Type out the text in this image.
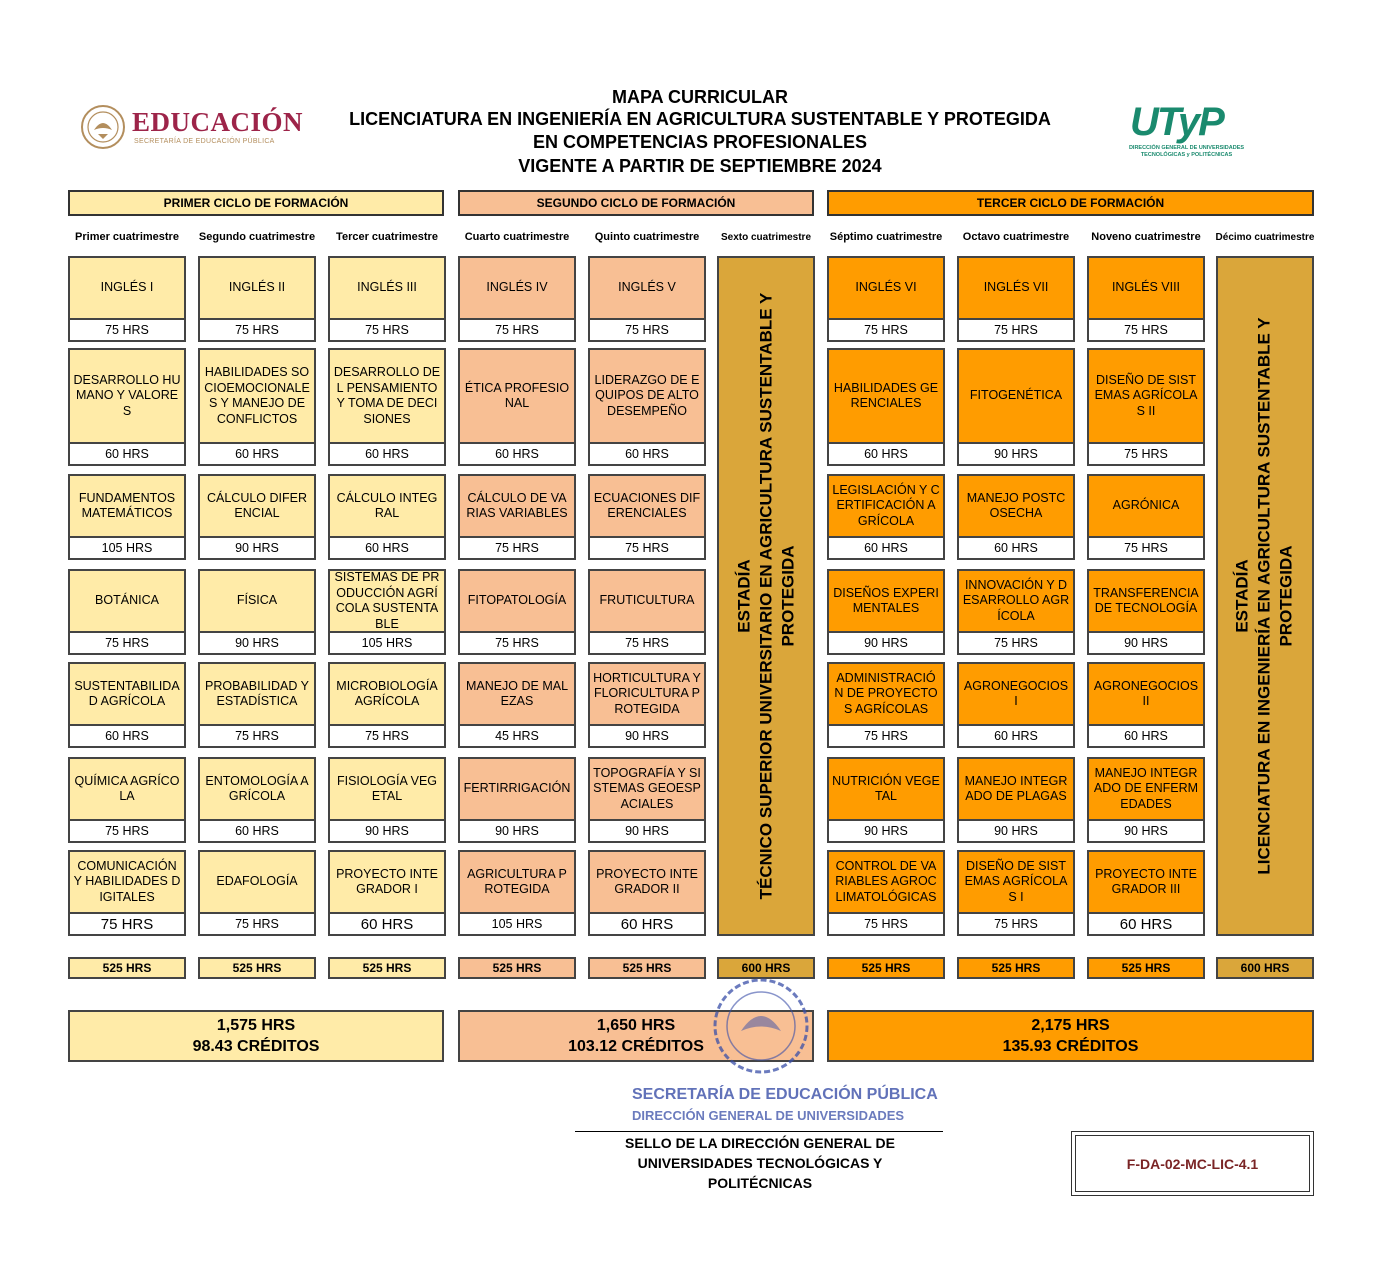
EDUCACIÓN
SECRETARÍA DE EDUCACIÓN PÚBLICA	UTyP
DIRECCIÓN GENERAL DE UNIVERSIDADES
TECNOLÓGICAS y POLITÉCNICAS
MAPA CURRICULAR
LICENCIATURA EN INGENIERÍA EN AGRICULTURA SUSTENTABLE Y PROTEGIDA
EN COMPETENCIAS PROFESIONALES
VIGENTE A PARTIR DE SEPTIEMBRE 2024
PRIMER CICLO DE FORMACIÓN	SEGUNDO CICLO DE FORMACIÓN	TERCER CICLO DE FORMACIÓN
Primer cuatrimestre
INGLÉS I
75 HRS
DESARROLLO HUMANO Y VALORES
60 HRS
FUNDAMENTOS MATEMÁTICOS
105 HRS
BOTÁNICA
75 HRS
SUSTENTABILIDAD AGRÍCOLA
60 HRS
QUÍMICA AGRÍCOLA
75 HRS
COMUNICACIÓN Y HABILIDADES DIGITALES
75 HRS
525 HRS
Segundo cuatrimestre
INGLÉS II
75 HRS
HABILIDADES SOCIOEMOCIONALES Y MANEJO DE CONFLICTOS
60 HRS
CÁLCULO DIFERENCIAL
90 HRS
FÍSICA
90 HRS
PROBABILIDAD Y ESTADÍSTICA
75 HRS
ENTOMOLOGÍA AGRÍCOLA
60 HRS
EDAFOLOGÍA
75 HRS
525 HRS
Tercer cuatrimestre
INGLÉS III
75 HRS
DESARROLLO DEL PENSAMIENTO Y TOMA DE DECISIONES
60 HRS
CÁLCULO INTEGRAL
60 HRS
SISTEMAS DE PRODUCCIÓN AGRÍCOLA SUSTENTABLE
105 HRS
MICROBIOLOGÍA AGRÍCOLA
75 HRS
FISIOLOGÍA VEGETAL
90 HRS
PROYECTO INTEGRADOR I
60 HRS
525 HRS
Cuarto cuatrimestre
INGLÉS IV
75 HRS
ÉTICA PROFESIONAL
60 HRS
CÁLCULO DE VARIAS VARIABLES
75 HRS
FITOPATOLOGÍA
75 HRS
MANEJO DE MALEZAS
45 HRS
FERTIRRIGACIÓN
90 HRS
AGRICULTURA PROTEGIDA
105 HRS
525 HRS
Quinto cuatrimestre
INGLÉS V
75 HRS
LIDERAZGO DE EQUIPOS DE ALTO DESEMPEÑO
60 HRS
ECUACIONES DIFERENCIALES
75 HRS
FRUTICULTURA
75 HRS
HORTICULTURA Y FLORICULTURA PROTEGIDA
90 HRS
TOPOGRAFÍA Y SISTEMAS GEOESPACIALES
90 HRS
PROYECTO INTEGRADOR II
60 HRS
525 HRS
Sexto cuatrimestre
ESTADÍA TÉCNICO SUPERIOR UNIVERSITARIO EN AGRICULTURA SUSTENTABLE Y PROTEGIDA
600 HRS
Séptimo cuatrimestre
INGLÉS VI
75 HRS
HABILIDADES GERENCIALES
60 HRS
LEGISLACIÓN Y CERTIFICACIÓN AGRÍCOLA
60 HRS
DISEÑOS EXPERIMENTALES
90 HRS
ADMINISTRACIÓN DE PROYECTOS AGRÍCOLAS
75 HRS
NUTRICIÓN VEGETAL
90 HRS
CONTROL DE VARIABLES AGROCLIMATOLÓGICAS
75 HRS
525 HRS
Octavo cuatrimestre
INGLÉS VII
75 HRS
FITOGENÉTICA
90 HRS
MANEJO POSTCOSECHA
60 HRS
INNOVACIÓN Y DESARROLLO AGRÍCOLA
75 HRS
AGRONEGOCIOS I
60 HRS
MANEJO INTEGRADO DE PLAGAS
90 HRS
DISEÑO DE SISTEMAS AGRÍCOLAS I
75 HRS
525 HRS
Noveno cuatrimestre
INGLÉS VIII
75 HRS
DISEÑO DE SISTEMAS AGRÍCOLAS II
75 HRS
AGRÓNICA
75 HRS
TRANSFERENCIA DE TECNOLOGÍA
90 HRS
AGRONEGOCIOS II
60 HRS
MANEJO INTEGRADO DE ENFERMEDADES
90 HRS
PROYECTO INTEGRADOR III
60 HRS
525 HRS
Décimo cuatrimestre
ESTADÍA LICENCIATURA EN INGENIERÍA EN AGRICULTURA SUSTENTABLE Y PROTEGIDA
600 HRS
1,575 HRS
98.43 CRÉDITOS
1,650 HRS
103.12 CRÉDITOS
2,175 HRS
135.93 CRÉDITOS
SECRETARÍA DE EDUCACIÓN PÚBLICA
DIRECCIÓN GENERAL DE UNIVERSIDADES
SELLO DE LA DIRECCIÓN GENERAL DE UNIVERSIDADES TECNOLÓGICAS Y POLITÉCNICAS
F-DA-02-MC-LIC-4.1
